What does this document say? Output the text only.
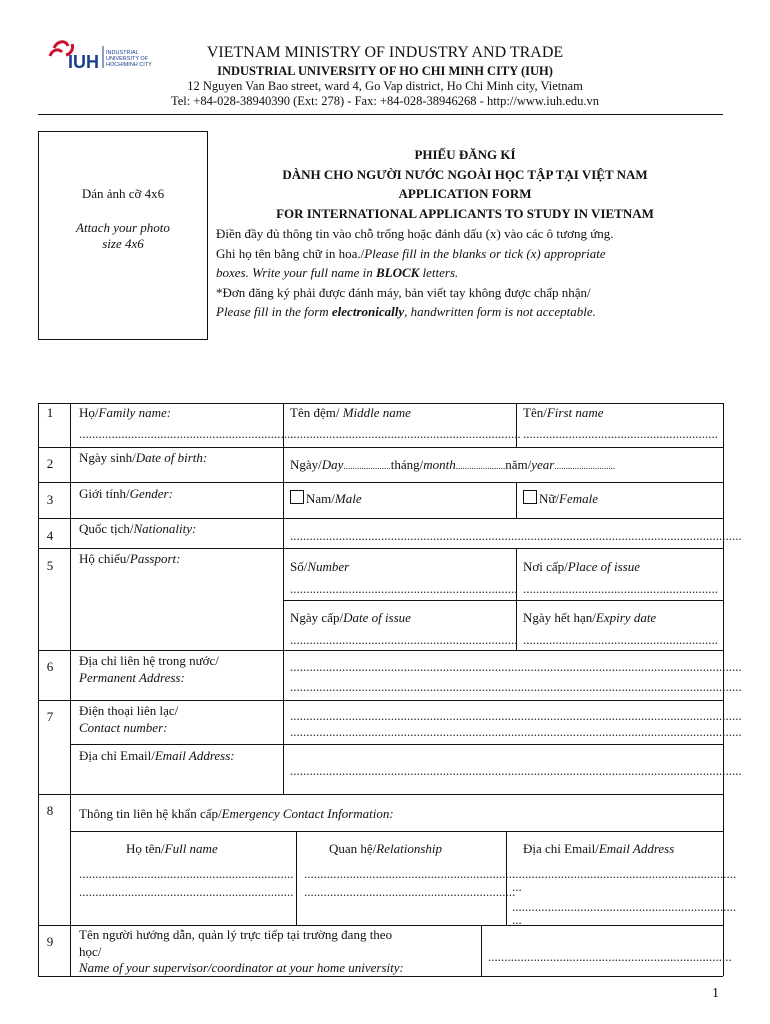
IUH INDUSTRIAL
UNIVERSITY OF
HOCHIMINH CITY
VIETNAM MINISTRY OF INDUSTRY AND TRADE
INDUSTRIAL UNIVERSITY OF HO CHI MINH CITY (IUH)
12 Nguyen Van Bao street, ward 4, Go Vap district, Ho Chi Minh city, Vietnam
Tel: +84-028-38940390 (Ext: 278) - Fax: +84-028-38946268 - http://www.iuh.edu.vn
Dán ảnh cỡ 4x6
Attach your photo
size 4x6
PHIẾU ĐĂNG KÍ
DÀNH CHO NGƯỜI NƯỚC NGOÀI HỌC TẬP TẠI VIỆT NAM
APPLICATION FORM
FOR INTERNATIONAL APPLICANTS TO STUDY IN VIETNAM
Điền đầy đủ thông tin vào chỗ trống hoặc đánh dấu (x) vào các ô tương ứng.
Ghi họ tên bằng chữ in hoa./Please fill in the blanks or tick (x) appropriate
boxes. Write your full name in BLOCK letters.
*Đơn đăng ký phải được đánh máy, bản viết tay không được chấp nhận/
Please fill in the form electronically, handwritten form is not acceptable.
1	Họ/Family name:
..................................................................
Tên đệm/ Middle name
.......................................................................
Tên/First name
............................................................
2	Ngày sinh/Date of birth:	Ngày/Day.....................tháng/month......................năm/year...........................
3	Giới tính/Gender:	Nam/Male	Nữ/Female
4	Quốc tịch/Nationality:	...........................................................................................................................................
5	Hộ chiếu/Passport:
Số/Number
......................................................................
Nơi cấp/Place of issue
............................................................
Ngày cấp/Date of issue
......................................................................
Ngày hết hạn/Expiry date
............................................................
6	Địa chỉ liên hệ trong nước/
Permanent Address:
...........................................................................................................................................
...........................................................................................................................................
7	Điện thoại liên lạc/
Contact number:
...........................................................................................................................................
...........................................................................................................................................
Địa chỉ Email/Email Address:
...........................................................................................................................................
8	Thông tin liên hệ khẩn cấp/Emergency Contact Information:
Họ tên/Full name	Quan hệ/Relationship	Địa chỉ Email/Email Address
..................................................................
..................................................................
.................................................................
.................................................................
.....................................................................
...
.....................................................................
...
9	Tên người hướng dẫn, quản lý trực tiếp tại trường đang theo
học/
Name of your supervisor/coordinator at your home university:
...........................................................................
1
